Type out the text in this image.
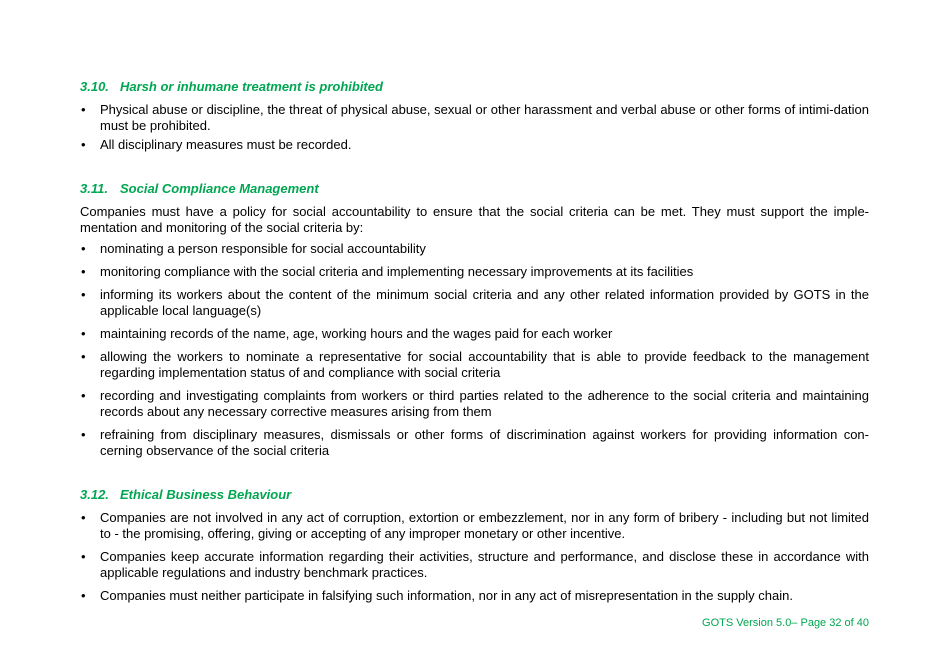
3.10. Harsh or inhumane treatment is prohibited
• Physical abuse or discipline, the threat of physical abuse, sexual or other harassment and verbal abuse or other forms of intimi-dation must be prohibited.
• All disciplinary measures must be recorded.
3.11. Social Compliance Management

Companies must have a policy for social accountability to ensure that the social criteria can be met. They must support the imple-mentation and monitoring of the social criteria by:

• nominating a person responsible for social accountability
• monitoring compliance with the social criteria and implementing necessary improvements at its facilities
• informing its workers about the content of the minimum social criteria and any other related information provided by GOTS in the applicable local language(s)
• maintaining records of the name, age, working hours and the wages paid for each worker
• allowing the workers to nominate a representative for social accountability that is able to provide feedback to the management regarding implementation status of and compliance with social criteria
• recording and investigating complaints from workers or third parties related to the adherence to the social criteria and maintaining records about any necessary corrective measures arising from them
• refraining from disciplinary measures, dismissals or other forms of discrimination against workers for providing information con-cerning observance of the social criteria
3.12. Ethical Business Behaviour
• Companies are not involved in any act of corruption, extortion or embezzlement, nor in any form of bribery - including but not limited to - the promising, offering, giving or accepting of any improper monetary or other incentive.
• Companies keep accurate information regarding their activities, structure and performance, and disclose these in accordance with applicable regulations and industry benchmark practices.
• Companies must neither participate in falsifying such information, nor in any act of misrepresentation in the supply chain.
GOTS Version 5.0– Page 32 of 40
